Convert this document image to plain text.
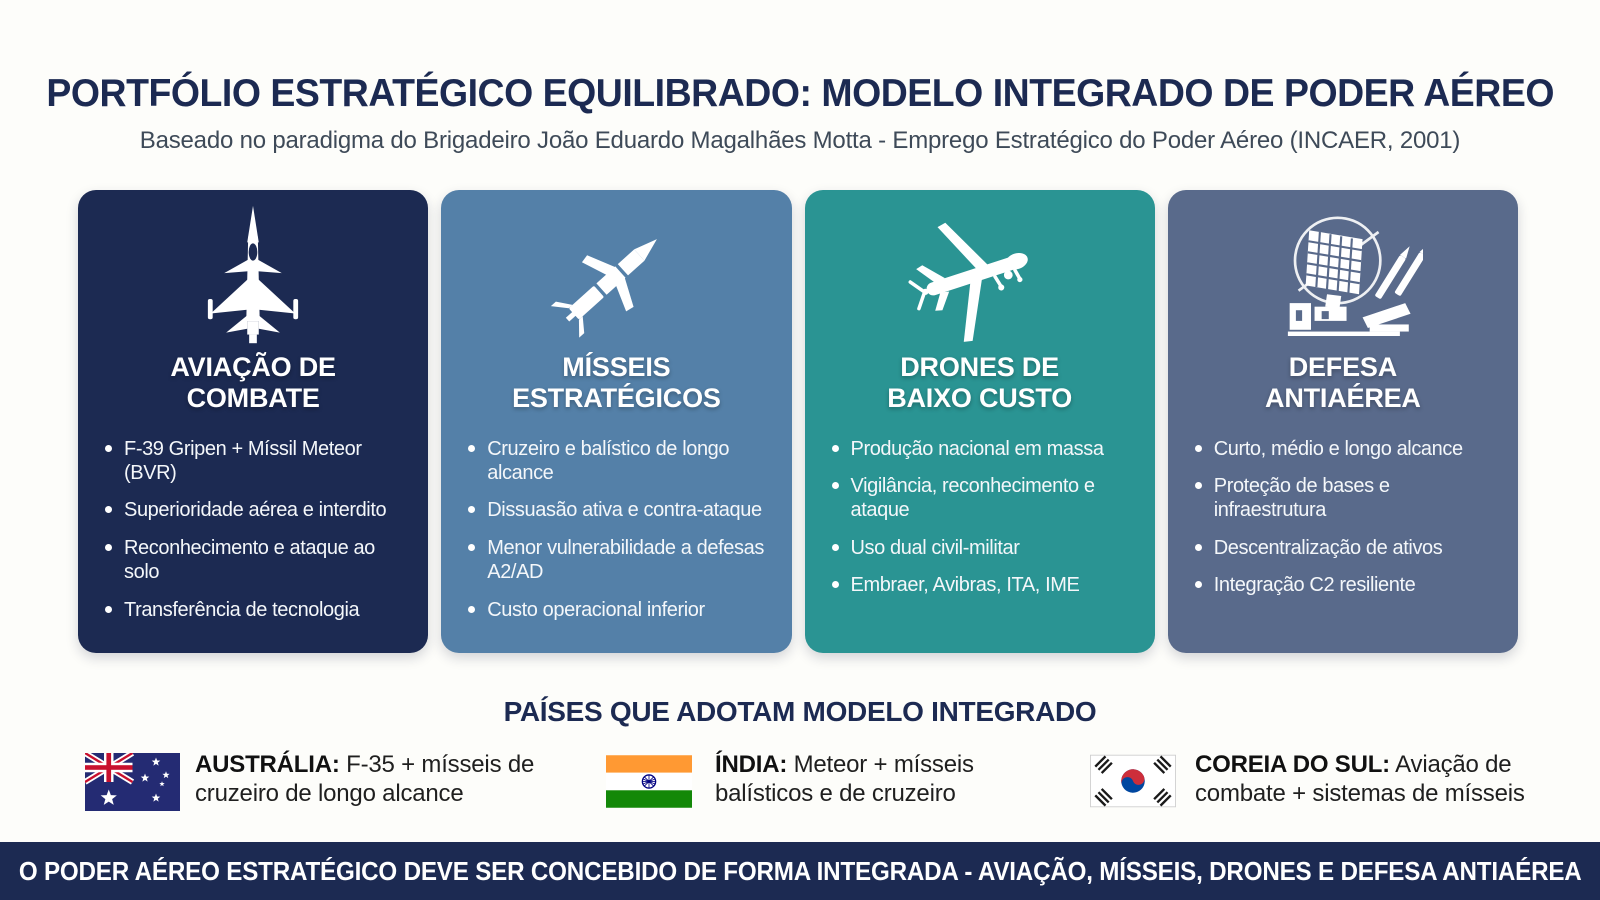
PORTFÓLIO ESTRATÉGICO EQUILIBRADO: MODELO INTEGRADO DE PODER AÉREO

Baseado no paradigma do Brigadeiro João Eduardo Magalhães Motta - Emprego Estratégico do Poder Aéreo (INCAER, 2001)

AVIAÇÃO DE COMBATE
F-39 Gripen + Míssil Meteor (BVR)
Superioridade aérea e interdito
Reconhecimento e ataque ao solo
Transferência de tecnologia
MÍSSEIS ESTRATÉGICOS
Cruzeiro e balístico de longo alcance
Dissuasão ativa e contra-ataque
Menor vulnerabilidade a defesas A2/AD
Custo operacional inferior
DRONES DE BAIXO CUSTO
Produção nacional em massa
Vigilância, reconhecimento e ataque
Uso dual civil-militar
Embraer, Avibras, ITA, IME
DEFESA ANTIAÉREA
Curto, médio e longo alcance
Proteção de bases e infraestrutura
Descentralização de ativos
Integração C2 resiliente
PAÍSES QUE ADOTAM MODELO INTEGRADO

AUSTRÁLIA: F-35 + mísseis de cruzeiro de longo alcance

ÍNDIA: Meteor + mísseis balísticos e de cruzeiro

COREIA DO SUL: Aviação de combate + sistemas de mísseis

O PODER AÉREO ESTRATÉGICO DEVE SER CONCEBIDO DE FORMA INTEGRADA - AVIAÇÃO, MÍSSEIS, DRONES E DEFESA ANTIAÉREA
